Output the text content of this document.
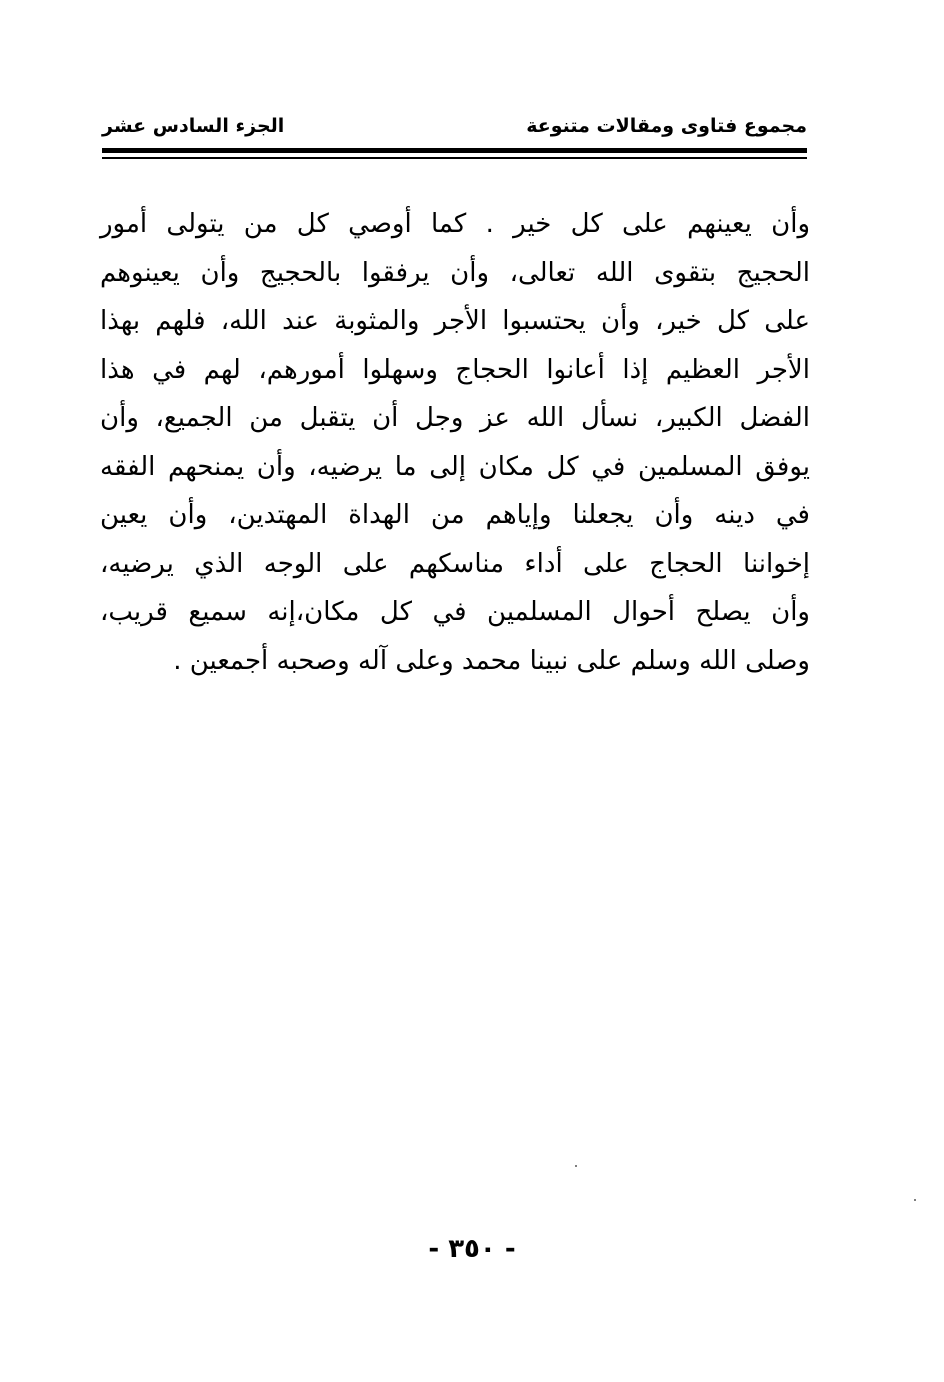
مجموع فتاوى ومقالات متنوعة
الجزء السادس عشر
وأن يعينهم على كل خير . كما أوصي كل من يتولى أمور
الحجيج بتقوى الله تعالى، وأن يرفقوا بالحجيج وأن يعينوهم
على كل خير، وأن يحتسبوا الأجر والمثوبة عند الله، فلهم بهذا
الأجر العظيم إذا أعانوا الحجاج وسهلوا أمورهم، لهم في هذا
الفضل الكبير، نسأل الله عز وجل أن يتقبل من الجميع، وأن
يوفق المسلمين في كل مكان إلى ما يرضيه، وأن يمنحهم الفقه
في دينه وأن يجعلنا وإياهم من الهداة المهتدين، وأن يعين
إخواننا الحجاج على أداء مناسكهم على الوجه الذي يرضيه،
وأن يصلح أحوال المسلمين في كل مكان،إنه سميع قريب،
وصلى الله وسلم على نبينا محمد وعلى آله وصحبه أجمعين .
- ٣٥٠ -
